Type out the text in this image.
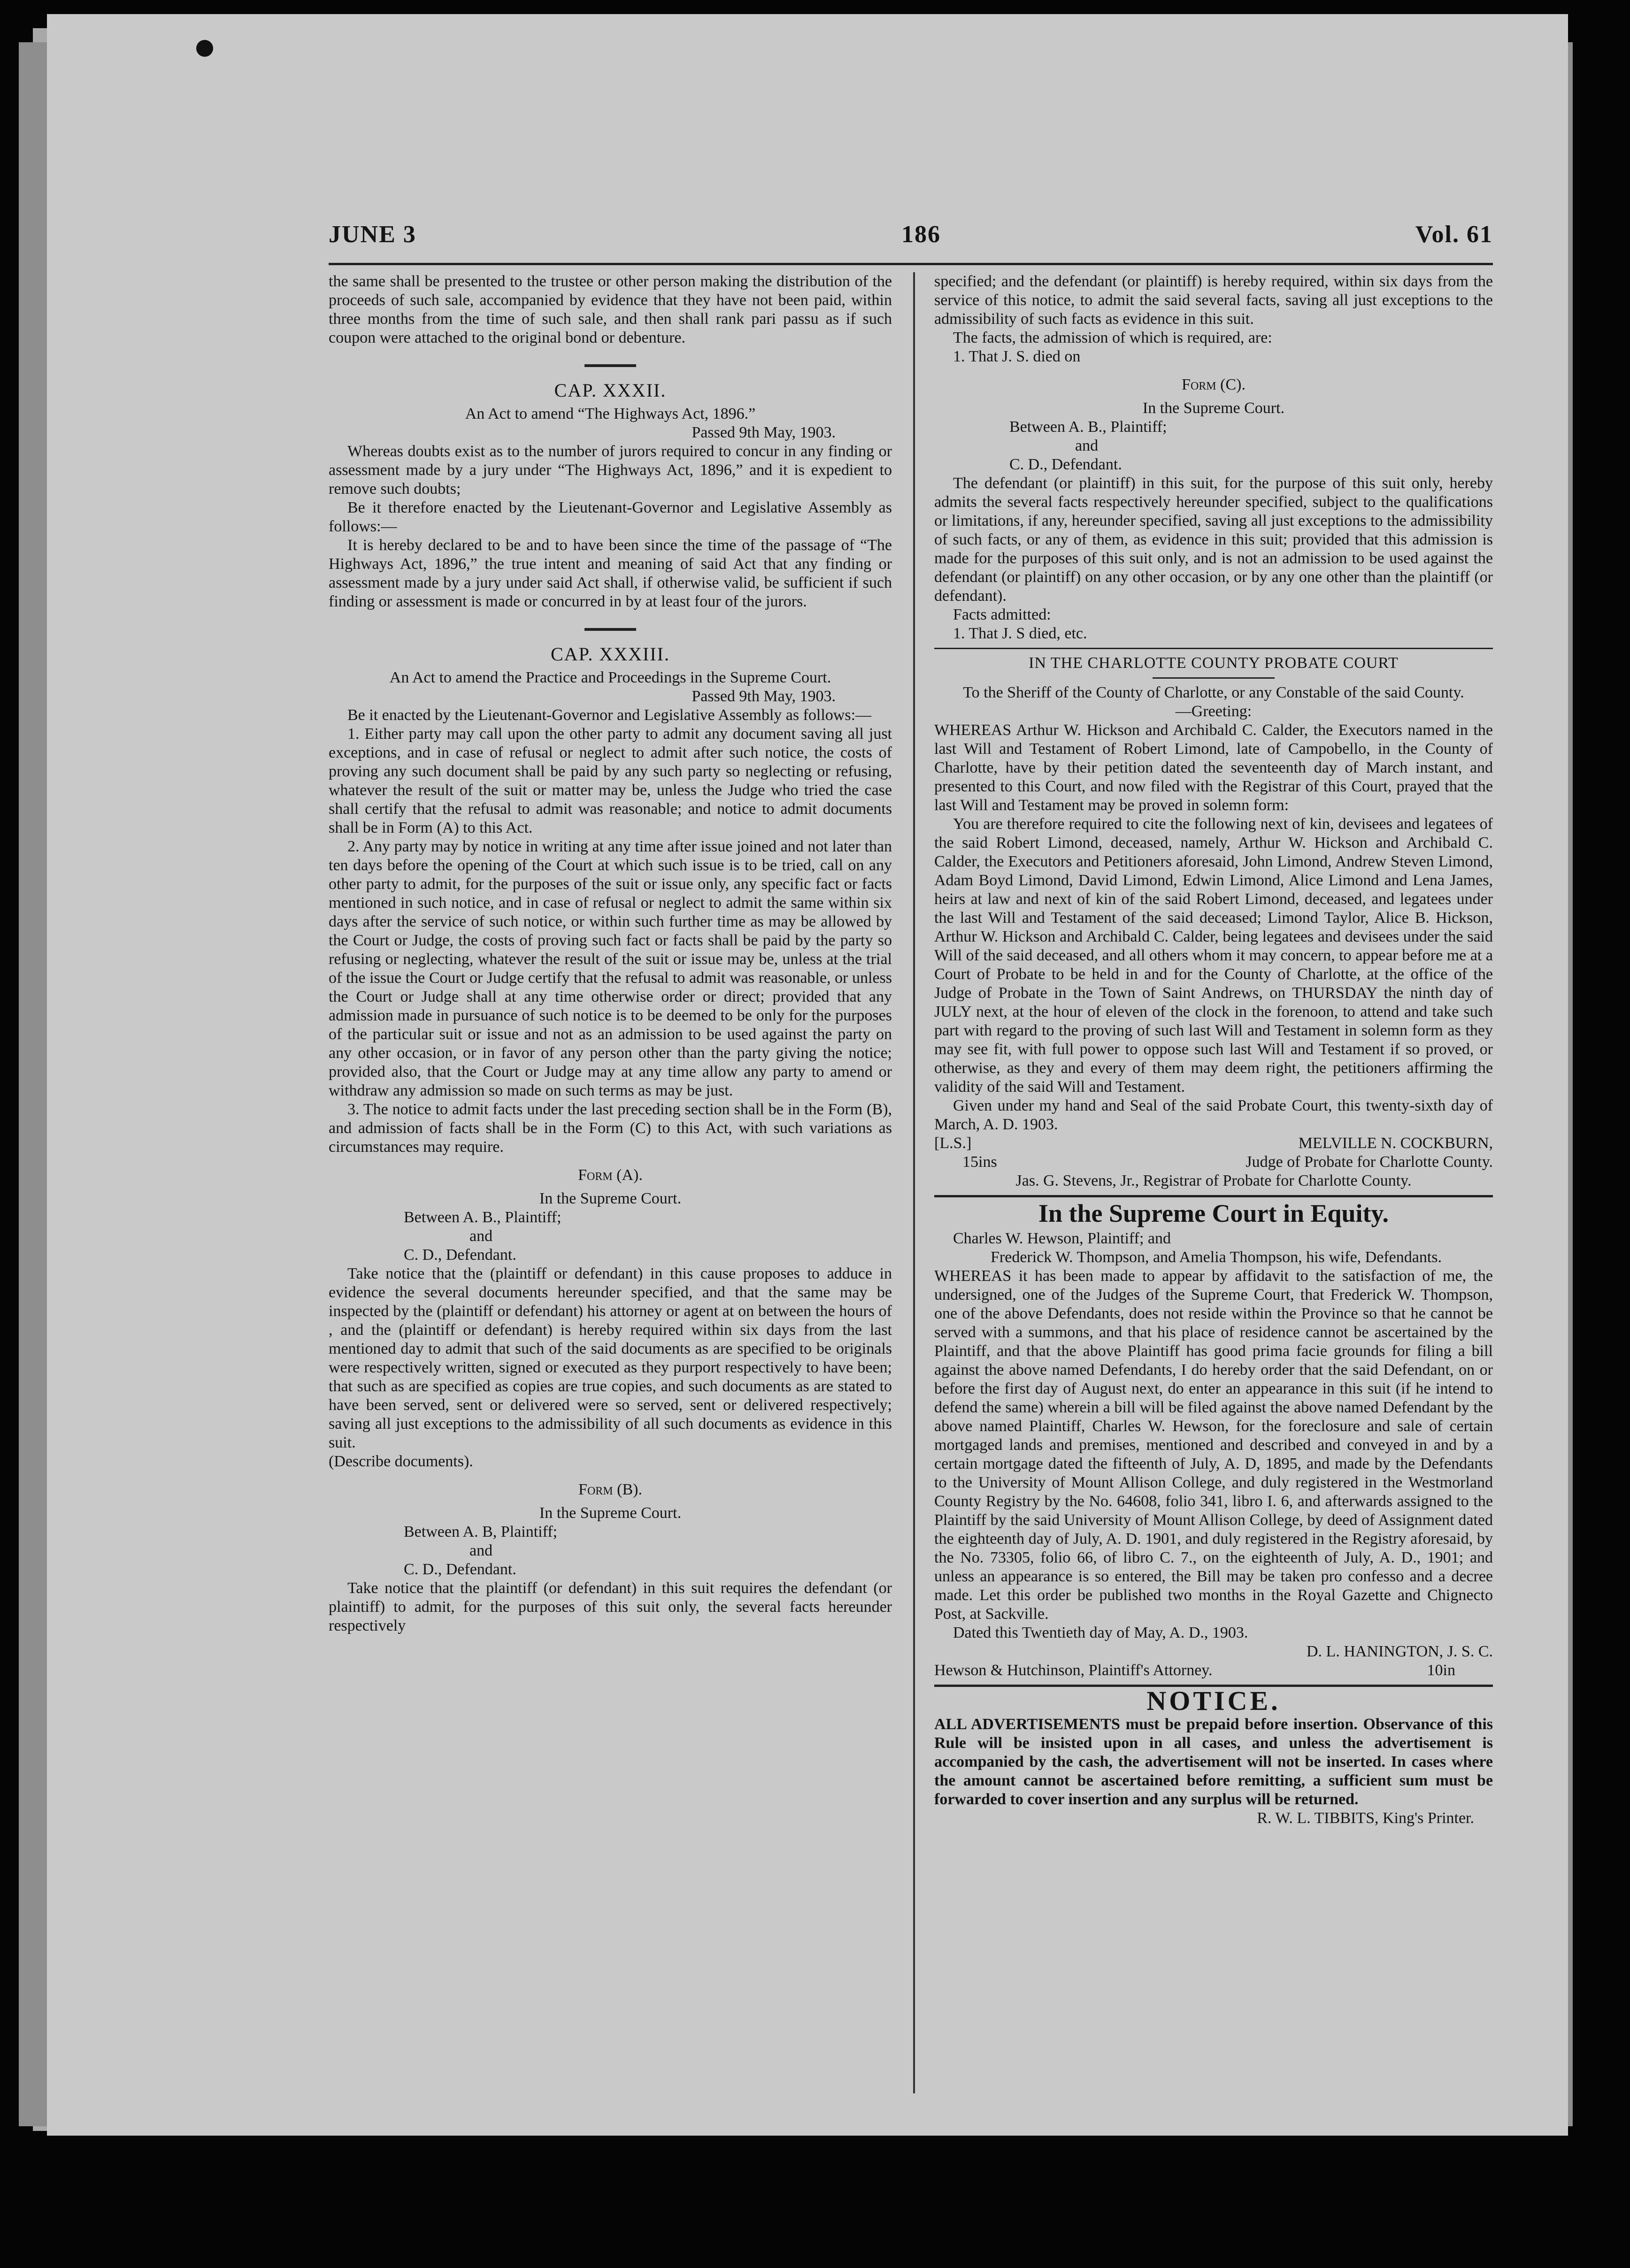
JUNE 3	186	Vol. 61

the same shall be presented to the trustee or other person making the distribution of the proceeds of such sale, accompanied by evidence that they have not been paid, within three months from the time of such sale, and then shall rank pari passu as if such coupon were attached to the original bond or debenture.

CAP. XXXII.

An Act to amend “The Highways Act, 1896.”

Passed 9th May, 1903.

Whereas doubts exist as to the number of jurors required to concur in any finding or assessment made by a jury under “The Highways Act, 1896,” and it is expedient to remove such doubts;

Be it therefore enacted by the Lieutenant-Governor and Legislative Assembly as follows:—

It is hereby declared to be and to have been since the time of the passage of “The Highways Act, 1896,” the true intent and meaning of said Act that any finding or assessment made by a jury under said Act shall, if otherwise valid, be sufficient if such finding or assessment is made or concurred in by at least four of the jurors.

CAP. XXXIII.

An Act to amend the Practice and Proceedings in the Supreme Court.

Passed 9th May, 1903.

Be it enacted by the Lieutenant-Governor and Legislative Assembly as follows:—

1. Either party may call upon the other party to admit any document saving all just exceptions, and in case of refusal or neglect to admit after such notice, the costs of proving any such document shall be paid by any such party so neglecting or refusing, whatever the result of the suit or matter may be, unless the Judge who tried the case shall certify that the refusal to admit was reasonable; and notice to admit documents shall be in Form (A) to this Act.

2. Any party may by notice in writing at any time after issue joined and not later than ten days before the opening of the Court at which such issue is to be tried, call on any other party to admit, for the purposes of the suit or issue only, any specific fact or facts mentioned in such notice, and in case of refusal or neglect to admit the same within six days after the service of such notice, or within such further time as may be allowed by the Court or Judge, the costs of proving such fact or facts shall be paid by the party so refusing or neglecting, whatever the result of the suit or issue may be, unless at the trial of the issue the Court or Judge certify that the refusal to admit was reasonable, or unless the Court or Judge shall at any time otherwise order or direct; provided that any admission made in pursuance of such notice is to be deemed to be only for the purposes of the particular suit or issue and not as an admission to be used against the party on any other occasion, or in favor of any person other than the party giving the notice; provided also, that the Court or Judge may at any time allow any party to amend or withdraw any admission so made on such terms as may be just.

3. The notice to admit facts under the last preceding section shall be in the Form (B), and admission of facts shall be in the Form (C) to this Act, with such variations as circumstances may require.

Form (A).

In the Supreme Court.

Between A. B., Plaintiff;

and

C. D., Defendant.

Take notice that the (plaintiff or defendant) in this cause proposes to adduce in evidence the several documents hereunder specified, and that the same may be inspected by the (plaintiff or defendant) his attorney or agent at on between the hours of , and the (plaintiff or defendant) is hereby required within six days from the last mentioned day to admit that such of the said documents as are specified to be originals were respectively written, signed or executed as they purport respectively to have been; that such as are specified as copies are true copies, and such documents as are stated to have been served, sent or delivered were so served, sent or delivered respectively; saving all just exceptions to the admissibility of all such documents as evidence in this suit.

(Describe documents).

Form (B).

In the Supreme Court.

Between A. B, Plaintiff;

and

C. D., Defendant.

Take notice that the plaintiff (or defendant) in this suit requires the defendant (or plaintiff) to admit, for the purposes of this suit only, the several facts hereunder respectively

specified; and the defendant (or plaintiff) is hereby required, within six days from the service of this notice, to admit the said several facts, saving all just exceptions to the admissibility of such facts as evidence in this suit.

The facts, the admission of which is required, are:

1. That J. S. died on

Form (C).

In the Supreme Court.

Between A. B., Plaintiff;

and

C. D., Defendant.

The defendant (or plaintiff) in this suit, for the purpose of this suit only, hereby admits the several facts respectively hereunder specified, subject to the qualifications or limitations, if any, hereunder specified, saving all just exceptions to the admissibility of such facts, or any of them, as evidence in this suit; provided that this admission is made for the purposes of this suit only, and is not an admission to be used against the defendant (or plaintiff) on any other occasion, or by any one other than the plaintiff (or defendant).

Facts admitted:

1. That J. S died, etc.

IN THE CHARLOTTE COUNTY PROBATE COURT

To the Sheriff of the County of Charlotte, or any Constable of the said County.—Greeting:

WHEREAS Arthur W. Hickson and Archibald C. Calder, the Executors named in the last Will and Testament of Robert Limond, late of Campobello, in the County of Charlotte, have by their petition dated the seventeenth day of March instant, and presented to this Court, and now filed with the Registrar of this Court, prayed that the last Will and Testament may be proved in solemn form:

You are therefore required to cite the following next of kin, devisees and legatees of the said Robert Limond, deceased, namely, Arthur W. Hickson and Archibald C. Calder, the Executors and Petitioners aforesaid, John Limond, Andrew Steven Limond, Adam Boyd Limond, David Limond, Edwin Limond, Alice Limond and Lena James, heirs at law and next of kin of the said Robert Limond, deceased, and legatees under the last Will and Testament of the said deceased; Limond Taylor, Alice B. Hickson, Arthur W. Hickson and Archibald C. Calder, being legatees and devisees under the said Will of the said deceased, and all others whom it may concern, to appear before me at a Court of Probate to be held in and for the County of Charlotte, at the office of the Judge of Probate in the Town of Saint Andrews, on THURSDAY the ninth day of JULY next, at the hour of eleven of the clock in the forenoon, to attend and take such part with regard to the proving of such last Will and Testament in solemn form as they may see fit, with full power to oppose such last Will and Testament if so proved, or otherwise, as they and every of them may deem right, the petitioners affirming the validity of the said Will and Testament.

Given under my hand and Seal of the said Probate Court, this twenty-sixth day of March, A. D. 1903.

[L.S.]	MELVILLE N. COCKBURN,
15ins	Judge of Probate for Charlotte County.

Jas. G. Stevens, Jr., Registrar of Probate for Charlotte County.

In the Supreme Court in Equity.

Charles W. Hewson, Plaintiff; and

Frederick W. Thompson, and Amelia Thompson, his wife, Defendants.

WHEREAS it has been made to appear by affidavit to the satisfaction of me, the undersigned, one of the Judges of the Supreme Court, that Frederick W. Thompson, one of the above Defendants, does not reside within the Province so that he cannot be served with a summons, and that his place of residence cannot be ascertained by the Plaintiff, and that the above Plaintiff has good prima facie grounds for filing a bill against the above named Defendants, I do hereby order that the said Defendant, on or before the first day of August next, do enter an appearance in this suit (if he intend to defend the same) wherein a bill will be filed against the above named Defendant by the above named Plaintiff, Charles W. Hewson, for the foreclosure and sale of certain mortgaged lands and premises, mentioned and described and conveyed in and by a certain mortgage dated the fifteenth of July, A. D, 1895, and made by the Defendants to the University of Mount Allison College, and duly registered in the Westmorland County Registry by the No. 64608, folio 341, libro I. 6, and afterwards assigned to the Plaintiff by the said University of Mount Allison College, by deed of Assignment dated the eighteenth day of July, A. D. 1901, and duly registered in the Registry aforesaid, by the No. 73305, folio 66, of libro C. 7., on the eighteenth of July, A. D., 1901; and unless an appearance is so entered, the Bill may be taken pro confesso and a decree made. Let this order be published two months in the Royal Gazette and Chignecto Post, at Sackville.

Dated this Twentieth day of May, A. D., 1903.

D. L. HANINGTON, J. S. C.

Hewson & Hutchinson, Plaintiff's Attorney.	10in

NOTICE.

ALL ADVERTISEMENTS must be prepaid before insertion. Observance of this Rule will be insisted upon in all cases, and unless the advertisement is accompanied by the cash, the advertisement will not be inserted. In cases where the amount cannot be ascertained before remitting, a sufficient sum must be forwarded to cover insertion and any surplus will be returned.

R. W. L. TIBBITS, King's Printer.
